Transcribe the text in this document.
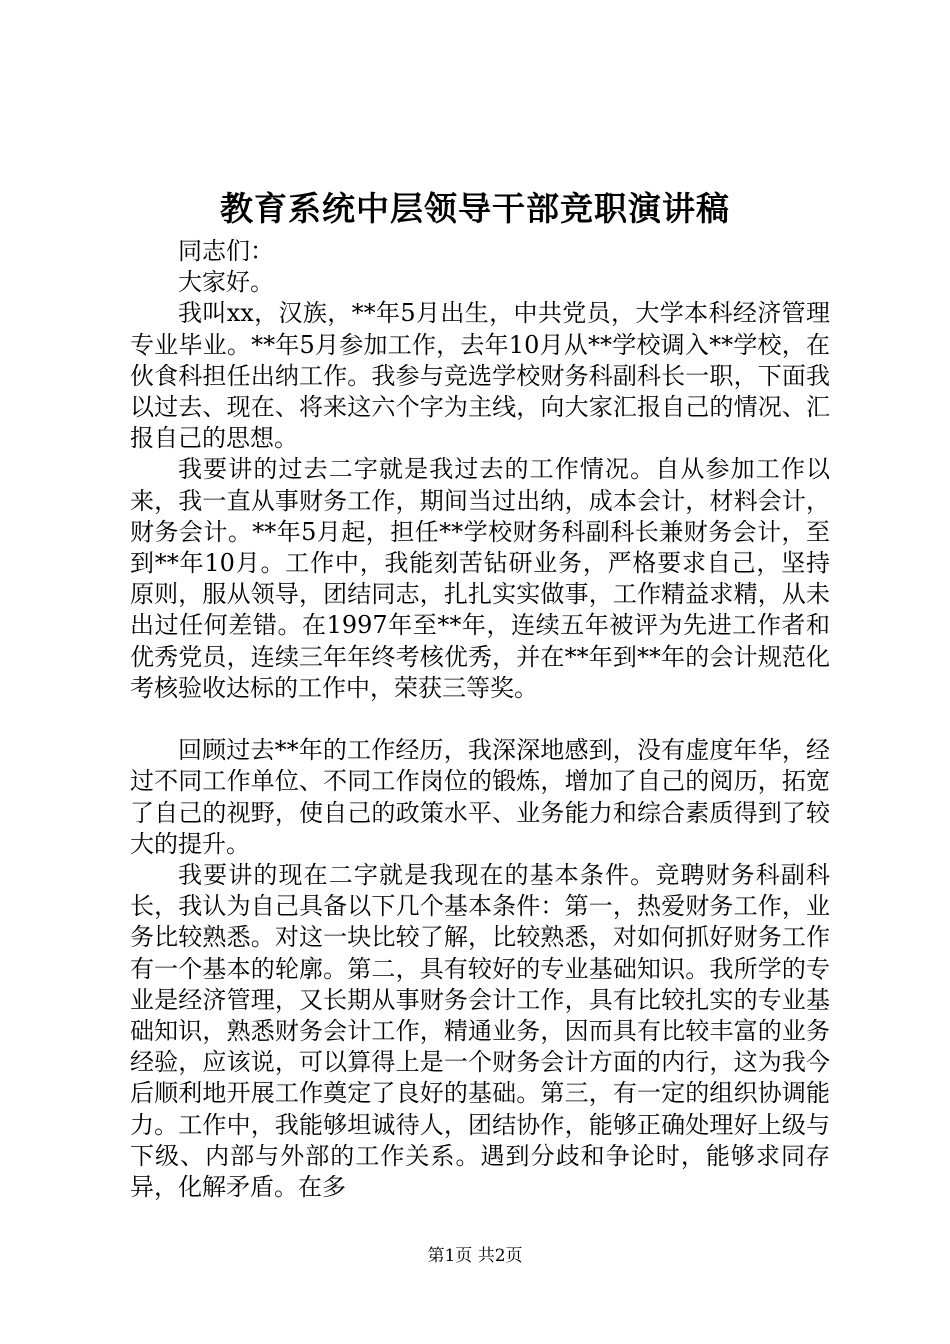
教育系统中层领导干部竞职演讲稿

同志们：

大家好。

我叫xx，汉族，**年5月出生，中共党员，大学本科经济管理专业毕业。**年5月参加工作，去年10月从**学校调入**学校，在伙食科担任出纳工作。我参与竞选学校财务科副科长一职，下面我以过去、现在、将来这六个字为主线，向大家汇报自己的情况、汇报自己的思想。

我要讲的过去二字就是我过去的工作情况。自从参加工作以来，我一直从事财务工作，期间当过出纳，成本会计，材料会计，财务会计。**年5月起，担任**学校财务科副科长兼财务会计，至到**年10月。工作中，我能刻苦钻研业务，严格要求自己，坚持原则，服从领导，团结同志，扎扎实实做事，工作精益求精，从未出过任何差错。在1997年至**年，连续五年被评为先进工作者和优秀党员，连续三年年终考核优秀，并在**年到**年的会计规范化考核验收达标的工作中，荣获三等奖。

回顾过去**年的工作经历，我深深地感到，没有虚度年华，经过不同工作单位、不同工作岗位的锻炼，增加了自己的阅历，拓宽了自己的视野，使自己的政策水平、业务能力和综合素质得到了较大的提升。

我要讲的现在二字就是我现在的基本条件。竞聘财务科副科长，我认为自己具备以下几个基本条件：第一，热爱财务工作，业务比较熟悉。对这一块比较了解，比较熟悉，对如何抓好财务工作有一个基本的轮廓。第二，具有较好的专业基础知识。我所学的专业是经济管理，又长期从事财务会计工作，具有比较扎实的专业基础知识，熟悉财务会计工作，精通业务，因而具有比较丰富的业务经验，应该说，可以算得上是一个财务会计方面的内行，这为我今后顺利地开展工作奠定了良好的基础。第三，有一定的组织协调能力。工作中，我能够坦诚待人，团结协作，能够正确处理好上级与下级、内部与外部的工作关系。遇到分歧和争论时，能够求同存异，化解矛盾。在多

第1页 共2页
